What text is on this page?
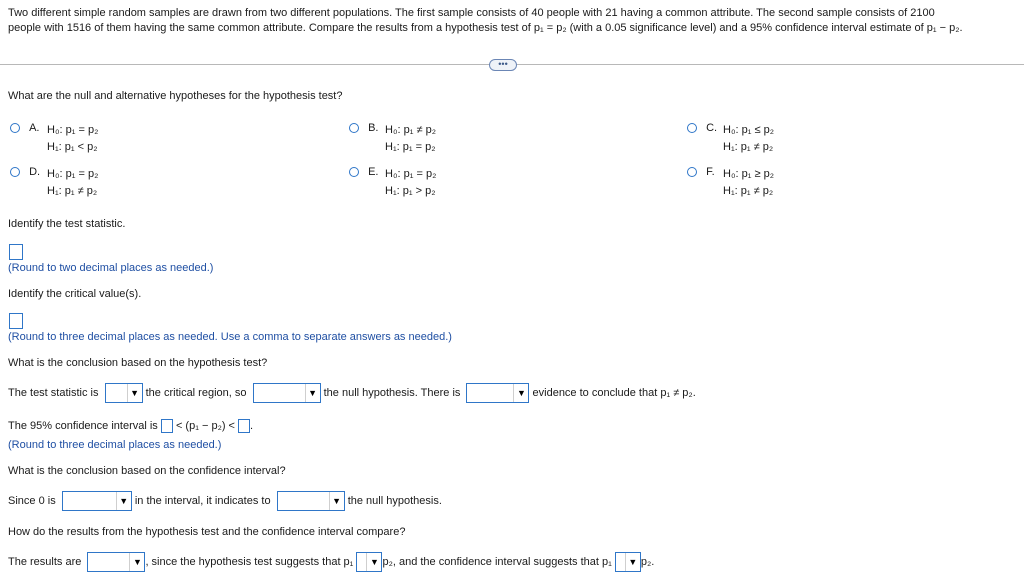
Two different simple random samples are drawn from two different populations. The first sample consists of 40 people with 21 having a common attribute. The second sample consists of 2100
people with 1516 of them having the same common attribute. Compare the results from a hypothesis test of p₁ = p₂ (with a 0.05 significance level) and a 95% confidence interval estimate of p₁ − p₂.
•••
What are the null and alternative hypotheses for the hypothesis test?
A. H₀: p₁ = p₂
H₁: p₁ < p₂
B. H₀: p₁ ≠ p₂
H₁: p₁ = p₂
C. H₀: p₁ ≤ p₂
H₁: p₁ ≠ p₂
D. H₀: p₁ = p₂
H₁: p₁ ≠ p₂
E. H₀: p₁ = p₂
H₁: p₁ > p₂
F. H₀: p₁ ≥ p₂
H₁: p₁ ≠ p₂
Identify the test statistic.
(Round to two decimal places as needed.)
Identify the critical value(s).
(Round to three decimal places as needed. Use a comma to separate answers as needed.)
What is the conclusion based on the hypothesis test?
The test statistic is	▼ the critical region, so	▼ the null hypothesis. There is	▼ evidence to conclude that p₁ ≠ p₂.
The 95% confidence interval is < (p₁ − p₂) < .
(Round to three decimal places as needed.)
What is the conclusion based on the confidence interval?
Since 0 is	▼ in the interval, it indicates to	▼ the null hypothesis.
How do the results from the hypothesis test and the confidence interval compare?
The results are	▼ , since the hypothesis test suggests that p₁	▼ p₂, and the confidence interval suggests that p₁	▼ p₂.
